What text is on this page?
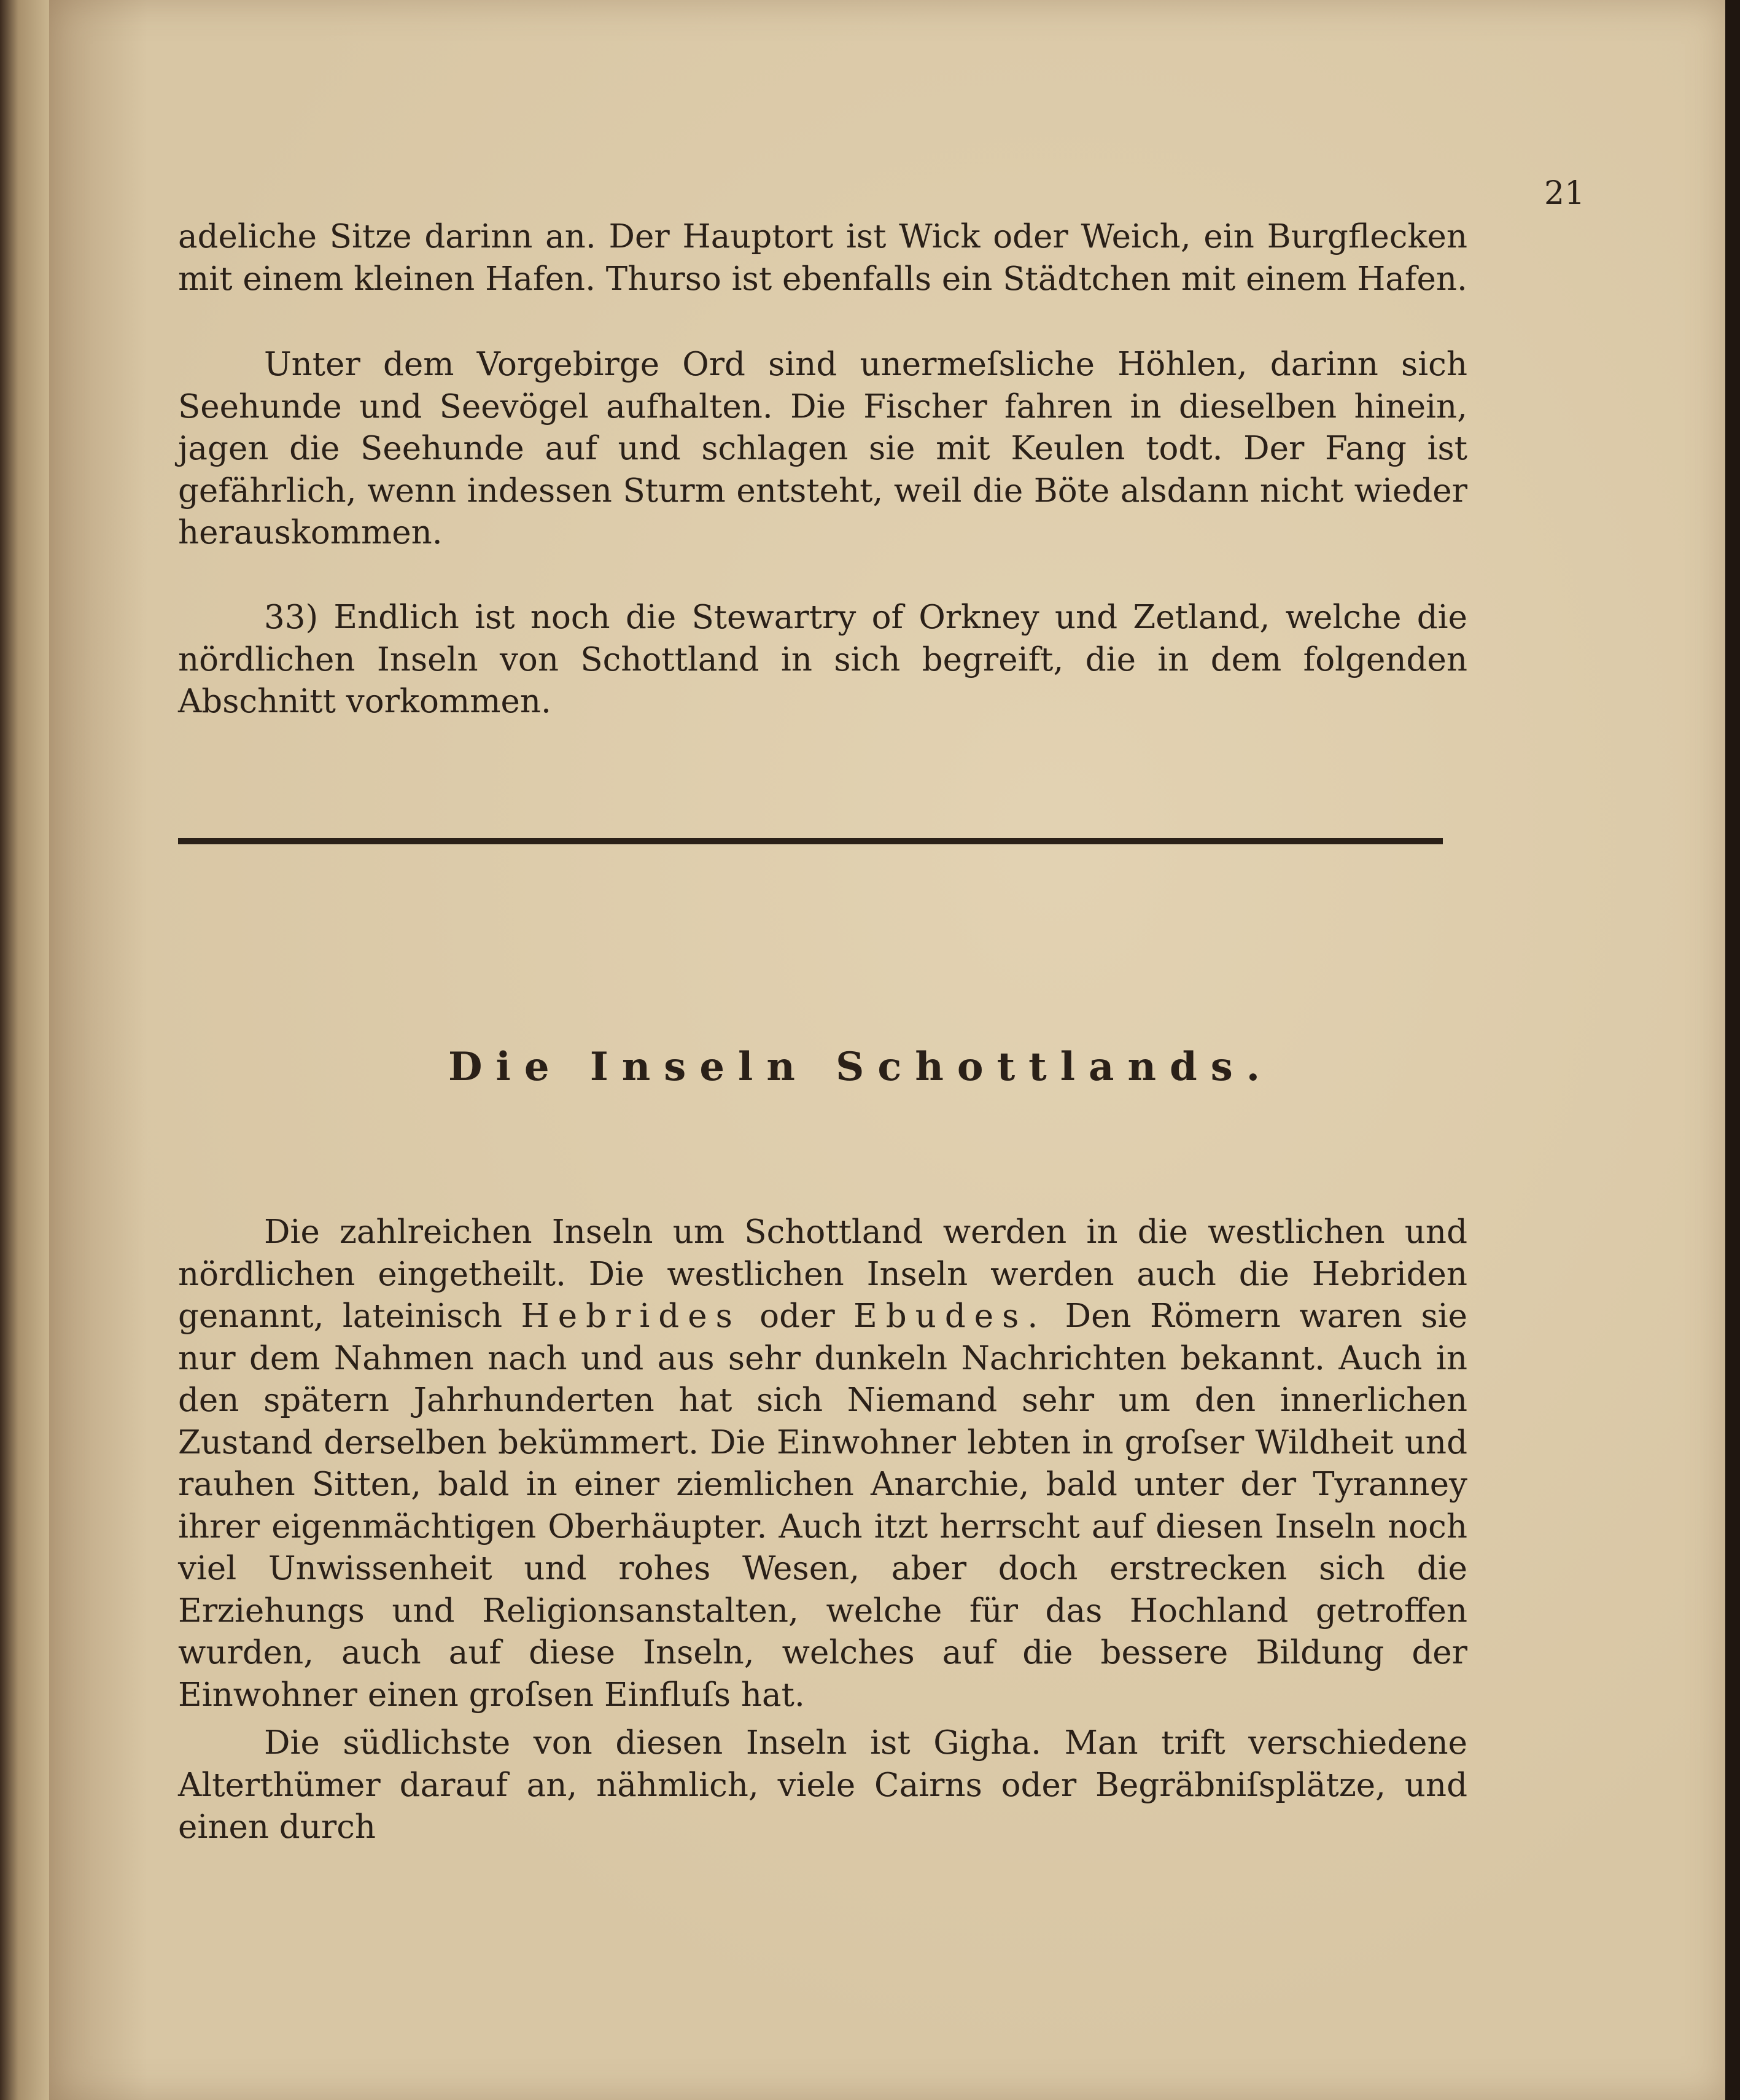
21

adeliche Sitze darinn an. Der Hauptort ist Wick oder Weich, ein Burgflecken mit einem kleinen Hafen. Thurso ist ebenfalls ein Städtchen mit einem Hafen.

Unter dem Vorgebirge Ord sind unermeſsliche Höhlen, darinn sich Seehunde und Seevögel aufhalten. Die Fischer fahren in dieselben hinein, jagen die Seehunde auf und schlagen sie mit Keulen todt. Der Fang ist gefährlich, wenn indessen Sturm entsteht, weil die Böte alsdann nicht wieder herauskommen.

33) Endlich ist noch die Stewartry of Orkney und Zetland, welche die nördlichen Inseln von Schottland in sich begreift, die in dem folgenden Abschnitt vorkommen.

Die Inseln Schottlands.

Die zahlreichen Inseln um Schottland werden in die westlichen und nördlichen eingetheilt. Die westlichen Inseln werden auch die Hebriden genannt, lateinisch Hebrides oder Ebudes. Den Römern waren sie nur dem Nahmen nach und aus sehr dunkeln Nachrichten bekannt. Auch in den spätern Jahrhunderten hat sich Niemand sehr um den innerlichen Zustand derselben bekümmert. Die Einwohner lebten in groſser Wildheit und rauhen Sitten, bald in einer ziemlichen Anarchie, bald unter der Tyranney ihrer eigenmächtigen Oberhäupter. Auch itzt herrscht auf diesen Inseln noch viel Unwissenheit und rohes Wesen, aber doch erstrecken sich die Erziehungs und Religionsanstalten, welche für das Hochland getroffen wurden, auch auf diese Inseln, welches auf die bessere Bildung der Einwohner einen groſsen Einfluſs hat.

Die südlichste von diesen Inseln ist Gigha. Man trift verschiedene Alterthümer darauf an, nähmlich, viele Cairns oder Begräbniſsplätze, und einen durch
